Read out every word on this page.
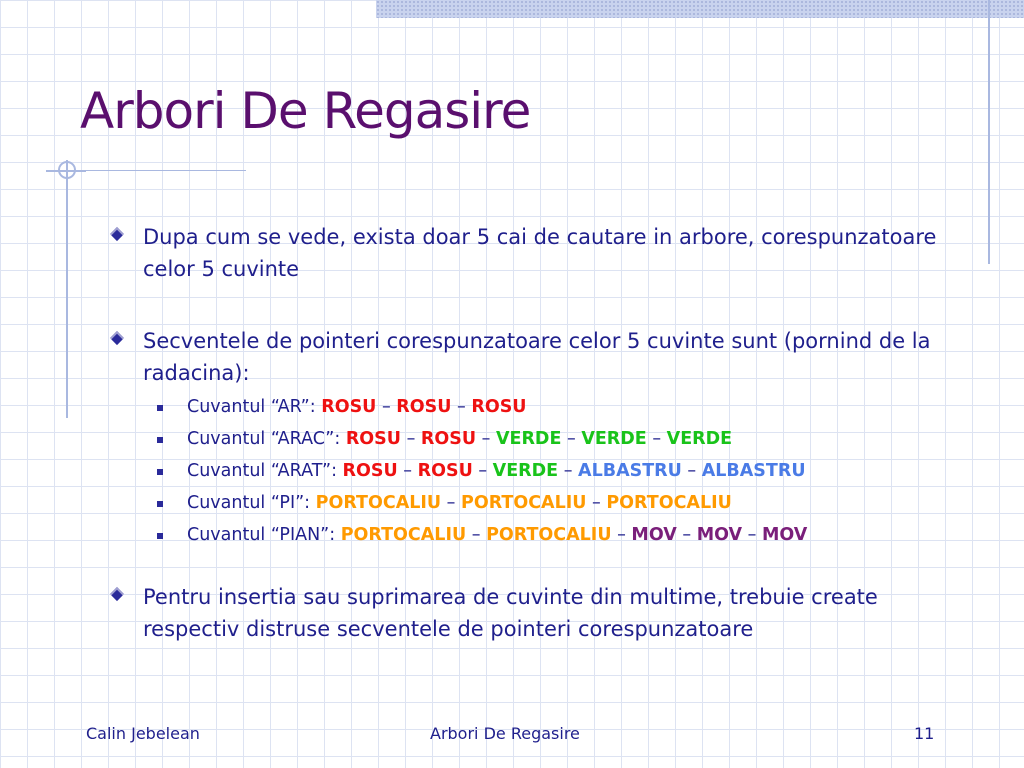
Arbori De Regasire
Dupa cum se vede, exista doar 5 cai de cautare in arbore, corespunzatoare celor 5 cuvinte
Secventele de pointeri corespunzatoare celor 5 cuvinte sunt (pornind de la radacina):
Cuvantul “AR”: ROSU – ROSU – ROSU
Cuvantul “ARAC”: ROSU – ROSU – VERDE – VERDE – VERDE
Cuvantul “ARAT”: ROSU – ROSU – VERDE – ALBASTRU – ALBASTRU
Cuvantul “PI”: PORTOCALIU – PORTOCALIU – PORTOCALIU
Cuvantul “PIAN”: PORTOCALIU – PORTOCALIU – MOV – MOV – MOV
Pentru insertia sau suprimarea de cuvinte din multime, trebuie create respectiv distruse secventele de pointeri corespunzatoare
Calin Jebelean	Arbori De Regasire	11
